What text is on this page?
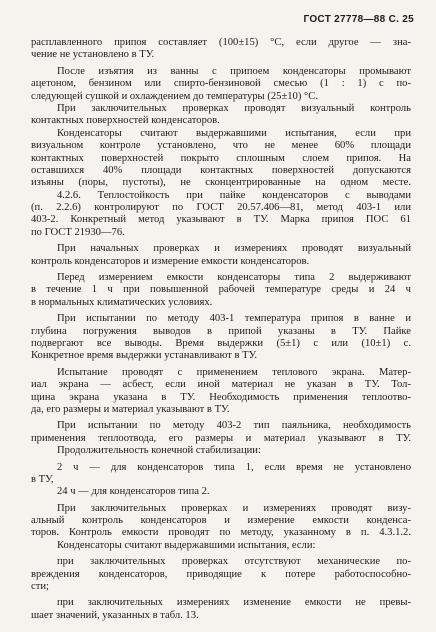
ГОСТ 27778—88 С. 25
расплавленного припоя составляет (100±15) °C, если другое — зна-
чение не установлено в ТУ.
После изъятия из ванны с припоем конденсаторы промывают
ацетоном, бензином или спирто-бензиновой смесью (1 : 1) с по-
следующей сушкой и охлаждением до температуры (25±10) °C.
При заключительных проверках проводят визуальный контроль
контактных поверхностей конденсаторов.
Конденсаторы считают выдержавшими испытания, если при
визуальном контроле установлено, что не менее 60% площади
контактных поверхностей покрыто сплошным слоем припоя. На
оставшихся 40% площади контактных поверхностей допускаются
изъяны (поры, пустоты), не сконцентрированные на одном месте.
4.2.6. Теплостойкость при пайке конденсаторов с выводами
(п. 2.2.6) контролируют по ГОСТ 20.57.406—81, метод 403-1 или
403-2. Конкретный метод указывают в ТУ. Марка припоя ПОС 61
по ГОСТ 21930—76.
При начальных проверках и измерениях проводят визуальный
контроль конденсаторов и измерение емкости конденсаторов.
Перед измерением емкости конденсаторы типа 2 выдерживают
в течение 1 ч при повышенной рабочей температуре среды и 24 ч
в нормальных климатических условиях.
При испытании по методу 403-1 температура припоя в ванне и
глубина погружения выводов в припой указаны в ТУ. Пайке
подвергают все выводы. Время выдержки (5±1) с или (10±1) с.
Конкретное время выдержки устанавливают в ТУ.
Испытание проводят с применением теплового экрана. Матер-
иал экрана — асбест, если иной материал не указан в ТУ. Тол-
щина экрана указана в ТУ. Необходимость применения теплоотво-
да, его размеры и материал указывают в ТУ.
При испытании по методу 403-2 тип паяльника, необходимость
применения теплоотвода, его размеры и материал указывают в ТУ.
Продолжительность конечной стабилизации:
2 ч — для конденсаторов типа 1, если время не установлено
в ТУ,
24 ч — для конденсаторов типа 2.
При заключительных проверках и измерениях проводят визу-
альный контроль конденсаторов и измерение емкости конденса-
торов. Контроль емкости проводят по методу, указанному в п. 4.3.1.2.
Конденсаторы считают выдержавшими испытания, если:
при заключительных проверках отсутствуют механические по-
вреждения конденсаторов, приводящие к потере работоспособно-
сти;
при заключительных измерениях изменение емкости не превы-
шает значений, указанных в табл. 13.
